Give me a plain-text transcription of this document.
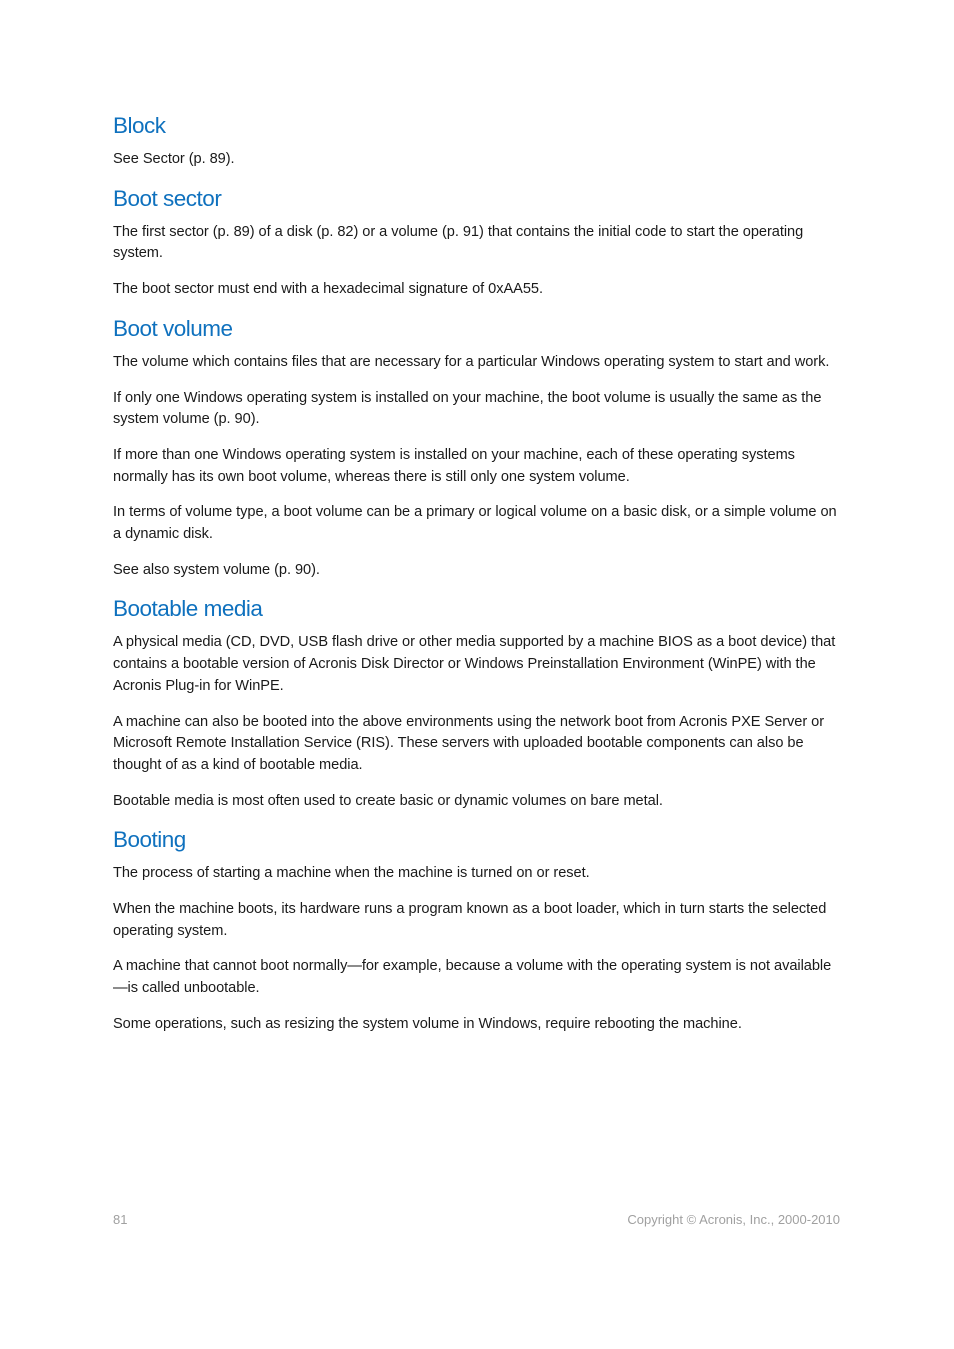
Block

See Sector (p. 89).

Boot sector

The first sector (p. 89) of a disk (p. 82) or a volume (p. 91) that contains the initial code to start the operating system.

The boot sector must end with a hexadecimal signature of 0xAA55.

Boot volume

The volume which contains files that are necessary for a particular Windows operating system to start and work.

If only one Windows operating system is installed on your machine, the boot volume is usually the same as the system volume (p. 90).

If more than one Windows operating system is installed on your machine, each of these operating systems normally has its own boot volume, whereas there is still only one system volume.

In terms of volume type, a boot volume can be a primary or logical volume on a basic disk, or a simple volume on a dynamic disk.

See also system volume (p. 90).

Bootable media

A physical media (CD, DVD, USB flash drive or other media supported by a machine BIOS as a boot device) that contains a bootable version of Acronis Disk Director or Windows Preinstallation Environment (WinPE) with the Acronis Plug-in for WinPE.

A machine can also be booted into the above environments using the network boot from Acronis PXE Server or Microsoft Remote Installation Service (RIS). These servers with uploaded bootable components can also be thought of as a kind of bootable media.

Bootable media is most often used to create basic or dynamic volumes on bare metal.

Booting

The process of starting a machine when the machine is turned on or reset.

When the machine boots, its hardware runs a program known as a boot loader, which in turn starts the selected operating system.

A machine that cannot boot normally—for example, because a volume with the operating system is not available—is called unbootable.

Some operations, such as resizing the system volume in Windows, require rebooting the machine.

81	Copyright © Acronis, Inc., 2000-2010
